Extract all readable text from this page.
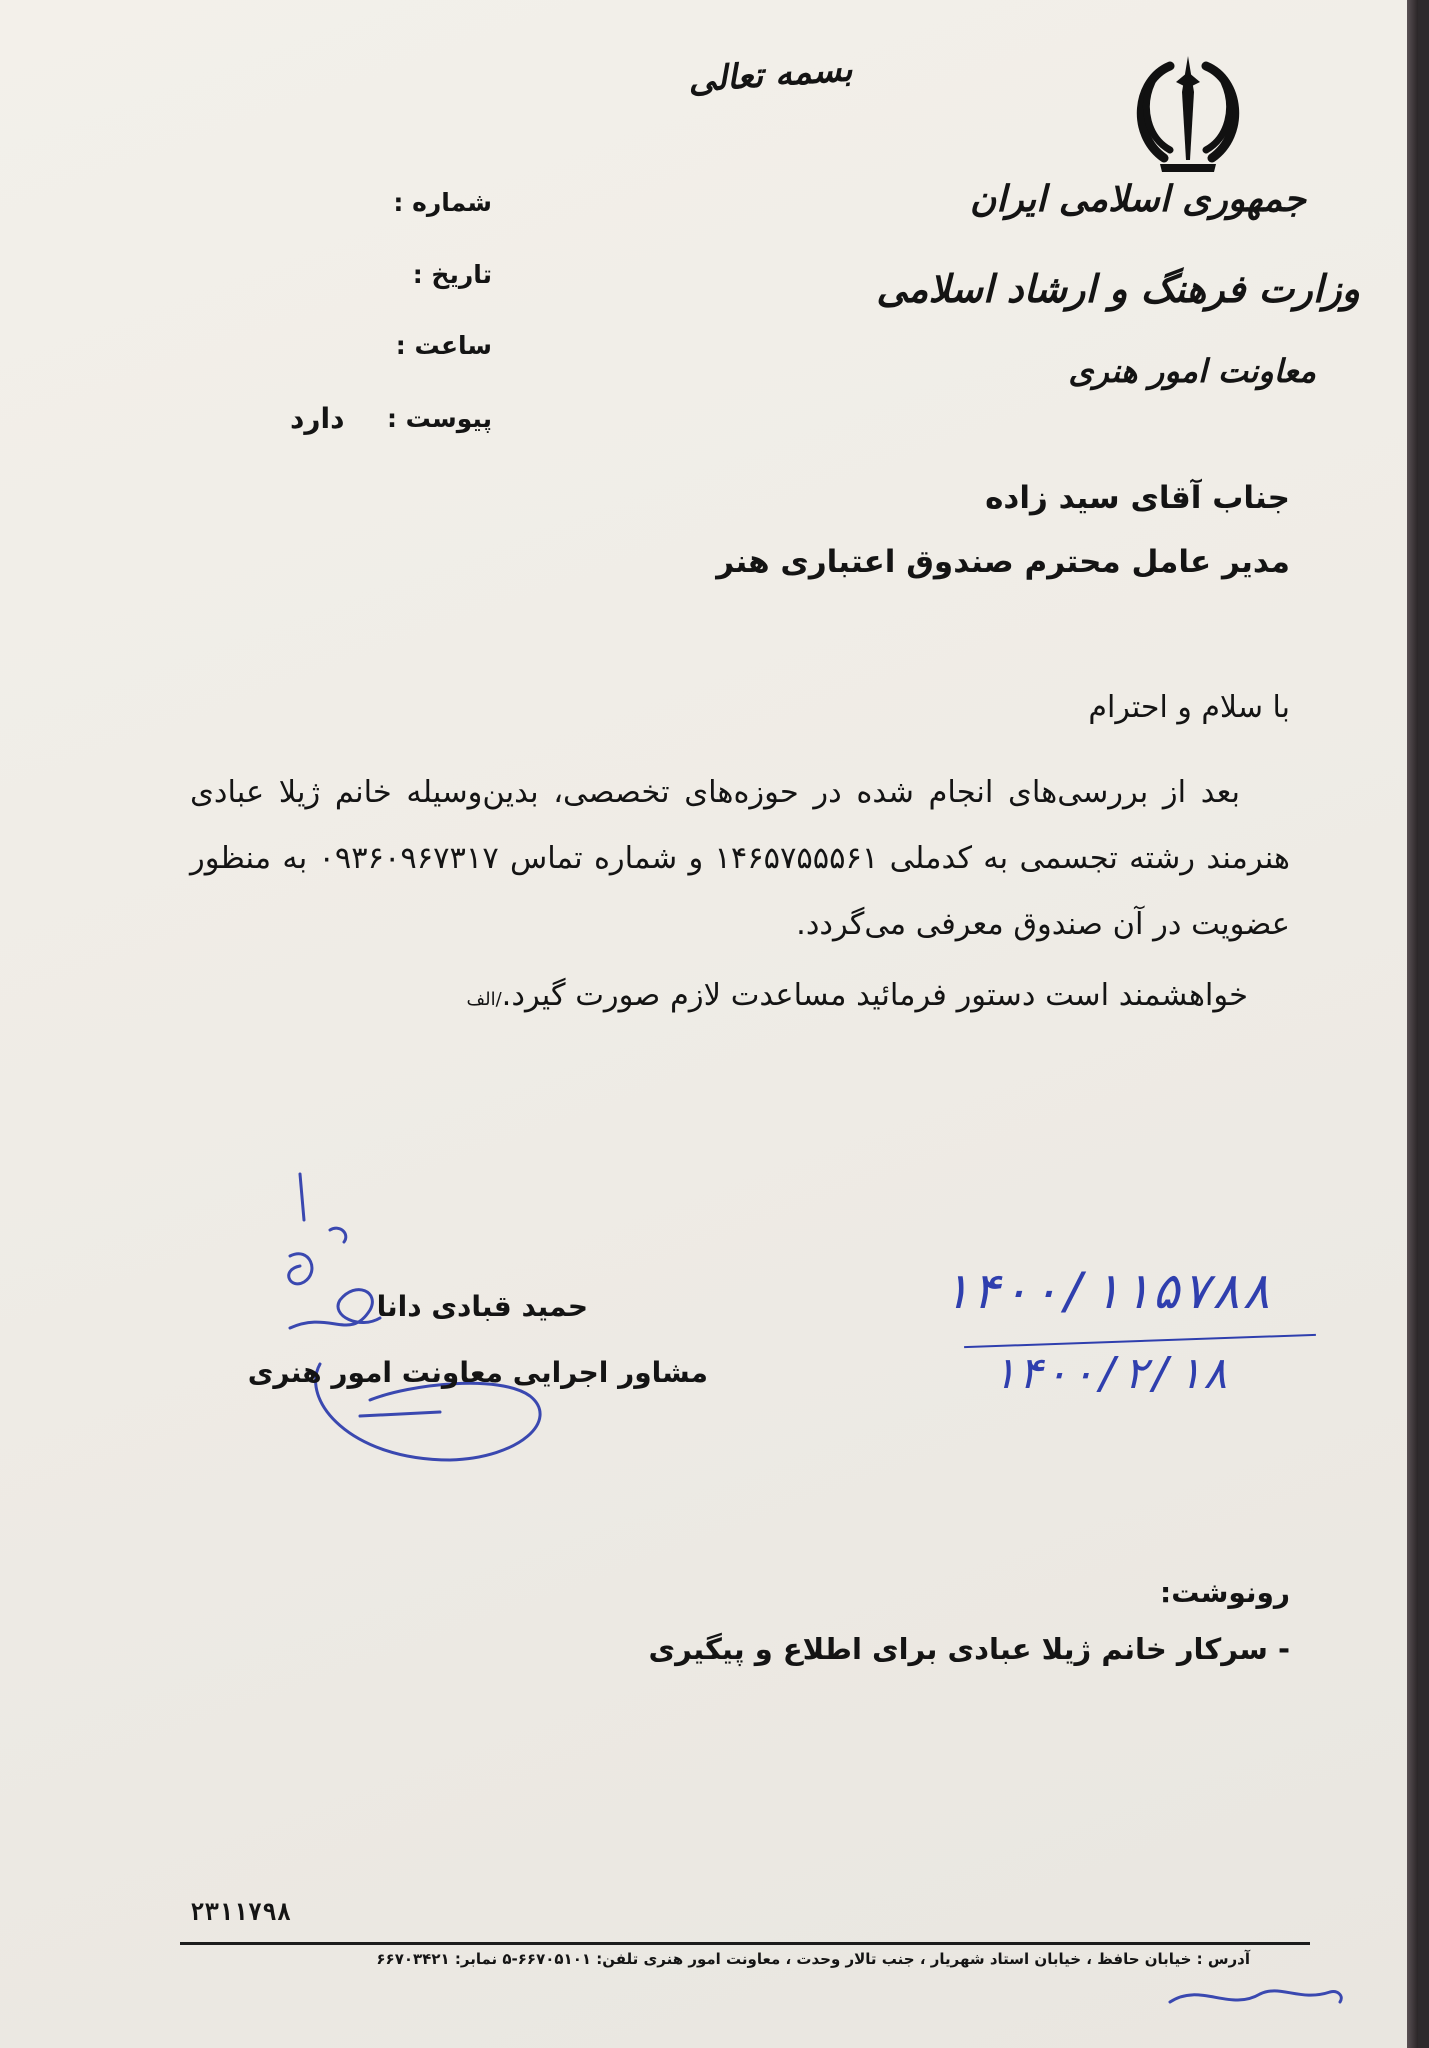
بسمه تعالی
جمهوری اسلامی ایران
وزارت فرهنگ و ارشاد اسلامی
معاونت امور هنری
شماره :
تاریخ :
ساعت :
پیوست :
دارد
جناب آقای سید زاده
مدیر عامل محترم صندوق اعتباری هنر
با سلام و احترام

بعد از بررسی‌های انجام شده در حوزه‌های تخصصی، بدین‌وسیله خانم ژیلا عبادی هنرمند رشته تجسمی به کدملی ۱۴۶۵۷۵۵۵۶۱ و شماره تماس ۰۹۳۶۰۹۶۷۳۱۷ به منظور عضویت در آن صندوق معرفی می‌گردد.

خواهشمند است دستور فرمائید مساعدت لازم صورت گیرد./الف
حمید قبادی دانا
مشاور اجرایی معاونت امور هنری
۱۴۰۰/۱۱۵۷۸۸
۱۴۰۰/۲/۱۸
رونوشت:
- سرکار خانم ژیلا عبادی برای اطلاع و پیگیری
۲۳۱۱۷۹۸
آدرس : خیابان حافظ ، خیابان استاد شهریار ، جنب تالار وحدت ، معاونت امور هنری تلفن: ۶۶۷۰۵۱۰۱-۵ نمابر: ۶۶۷۰۳۴۲۱
